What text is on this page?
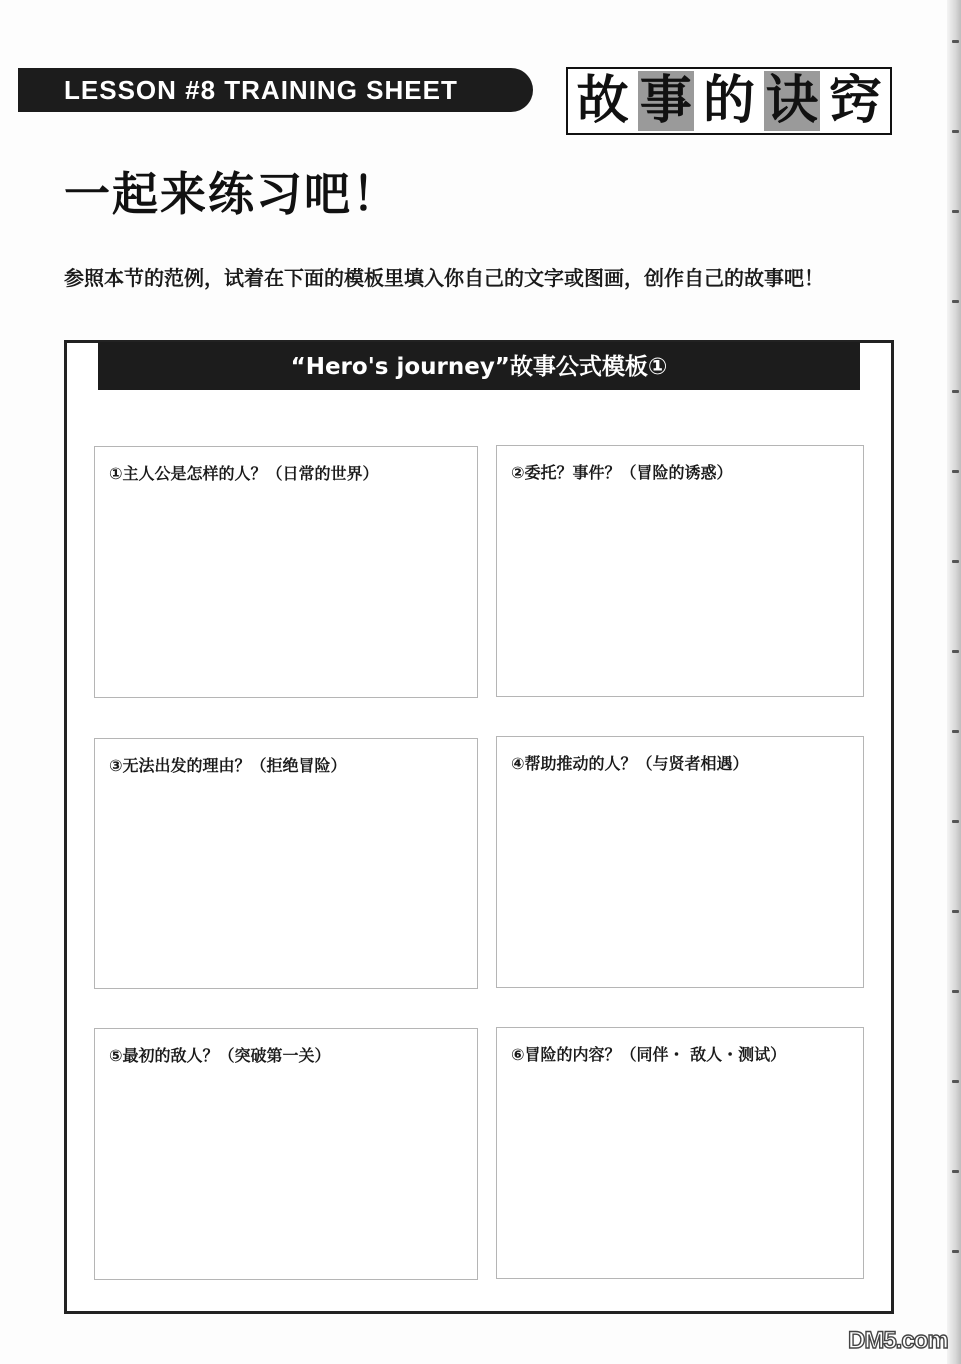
LESSON #8 TRAINING SHEET	故 事 的 诀 窍
一起来练习吧！

参照本节的范例，试着在下面的模板里填入你自己的文字或图画，创作自己的故事吧！

“Hero's journey”故事公式模板①
①主人公是怎样的人？（日常的世界）	②委托？事件？（冒险的诱惑）
③无法出发的理由？（拒绝冒险）	④帮助推动的人？（与贤者相遇）
⑤最初的敌人？（突破第一关）	⑥冒险的内容？（同伴・ 敌人・测试）
DM5.com
